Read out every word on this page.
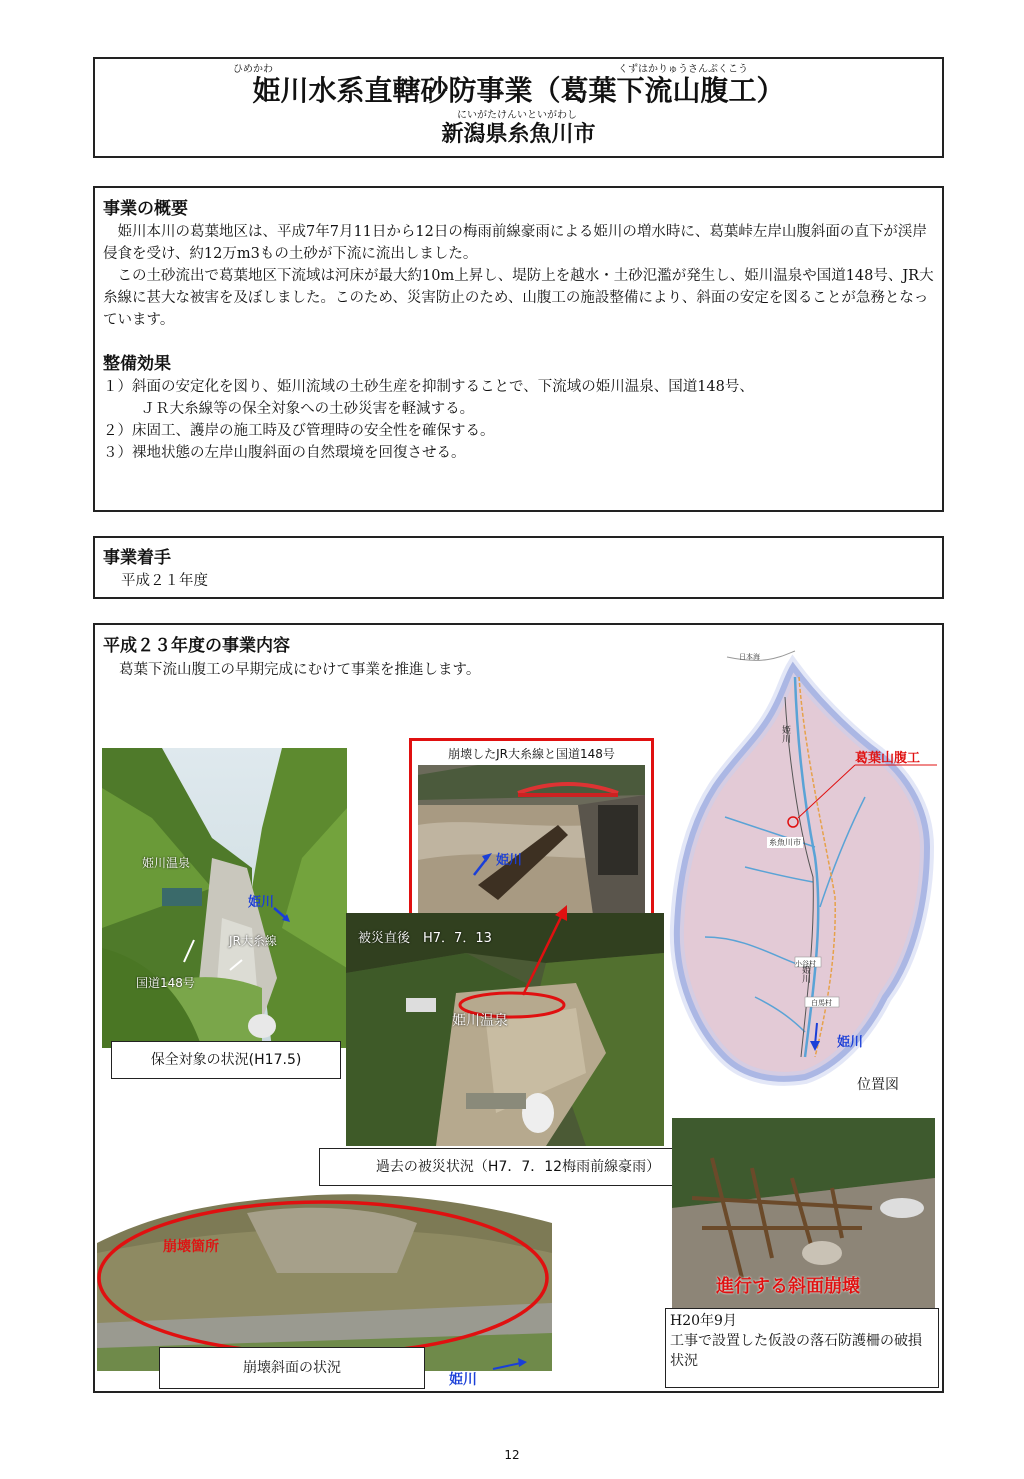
ひめかわ	くずはかりゅうさんぷくこう
姫川水系直轄砂防事業（葛葉下流山腹工）
にいがたけんいといがわし
新潟県糸魚川市
事業の概要

姫川本川の葛葉地区は、平成7年7月11日から12日の梅雨前線豪雨による姫川の増水時に、葛葉峠左岸山腹斜面の直下が渓岸侵食を受け、約12万m3もの土砂が下流に流出しました。

この土砂流出で葛葉地区下流域は河床が最大約10m上昇し、堤防上を越水・土砂氾濫が発生し、姫川温泉や国道148号、JR大糸線に甚大な被害を及ぼしました。このため、災害防止のため、山腹工の施設整備により、斜面の安定を図ることが急務となっています。

整備効果

１）斜面の安定化を図り、姫川流域の土砂生産を抑制することで、下流域の姫川温泉、国道148号、
ＪＲ大糸線等の保全対象への土砂災害を軽減する。

２）床固工、護岸の施工時及び管理時の安全性を確保する。

３）裸地状態の左岸山腹斜面の自然環境を回復させる。

事業着手

平成２１年度

平成２３年度の事業内容
葛葉下流山腹工の早期完成にむけて事業を推進します。
姫川温泉
姫川
JR大糸線
国道148号
保全対象の状況(H17.5)
崩壊したJR大糸線と国道148号
姫川
被災直後　H7．7．13
姫川温泉
過去の被災状況（H7．7．12梅雨前線豪雨）
日本海
糸魚川市
小谷村
白馬村
姫川
姫川
葛葉山腹工
姫川
位置図
崩壊箇所
崩壊斜面の状況
姫川
進行する斜面崩壊
H20年9月
工事で設置した仮設の落石防護柵の破損状況
12
